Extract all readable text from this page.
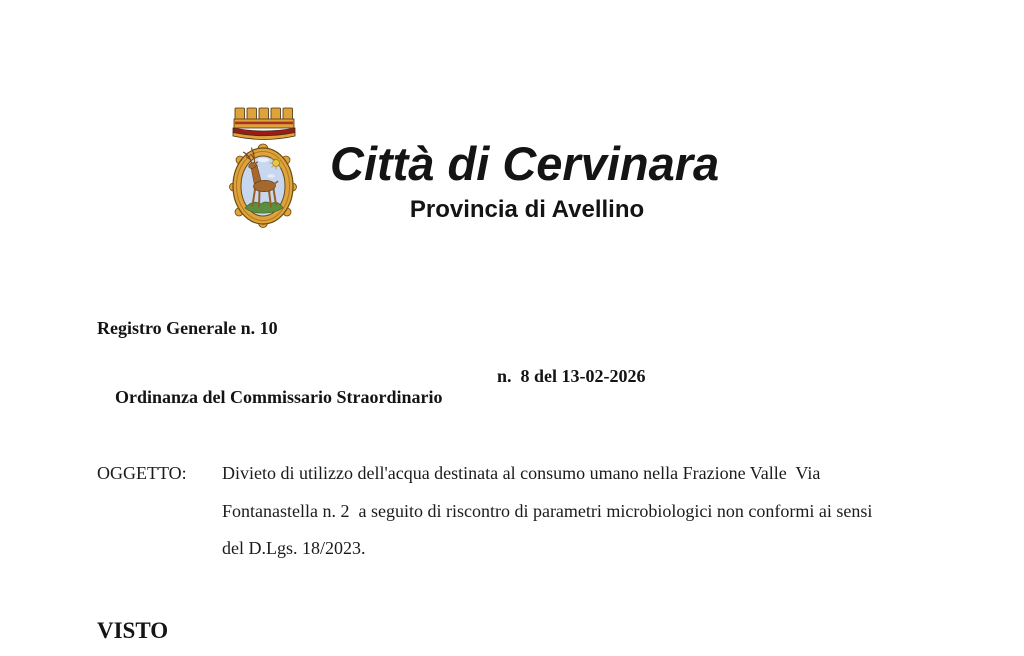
Città di Cervinara
Provincia di Avellino
Registro Generale n. 10

Ordinanza del Commissario Straordinario

n.  8 del 13-02-2026

OGGETTO: Divieto di utilizzo dell'acqua destinata al consumo umano nella Frazione Valle  Via
Fontanastella n. 2  a seguito di riscontro di parametri microbiologici non conformi ai sensi
del D.Lgs. 18/2023.
VISTO
